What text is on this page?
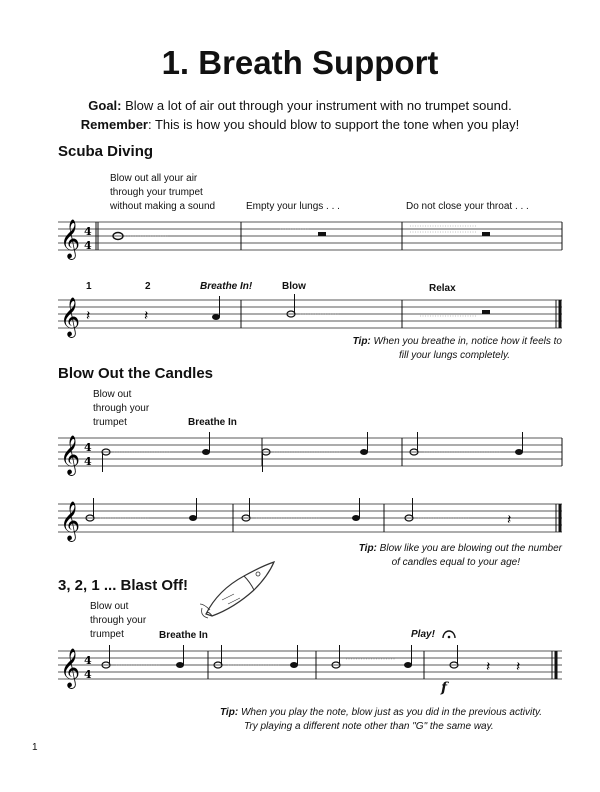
1. Breath Support
Goal: Blow a lot of air out through your instrument with no trumpet sound.
Remember: This is how you should blow to support the tone when you play!
Scuba Diving
Blow out all your air
through your trumpet
without making a sound	Empty your lungs . . .	Do not close your throat . . .
𝄞 4
4
1	2	Breathe In!	Blow	Relax
𝄞 𝄽	𝄽
Tip: When you breathe in, notice how it feels to
fill your lungs completely.
Blow Out the Candles
Blow out
through your
trumpet	Breathe In
𝄞 4
4
𝄞	𝄽
Tip: Blow like you are blowing out the number
of candles equal to your age!
3, 2, 1 ... Blast Off!
Blow out
through your
trumpet	Breathe In	Play!
𝄞 4
4	𝄽 𝄽
f
Tip: When you play the note, blow just as you did in the previous activity.
Try playing a different note other than "G" the same way.
1
